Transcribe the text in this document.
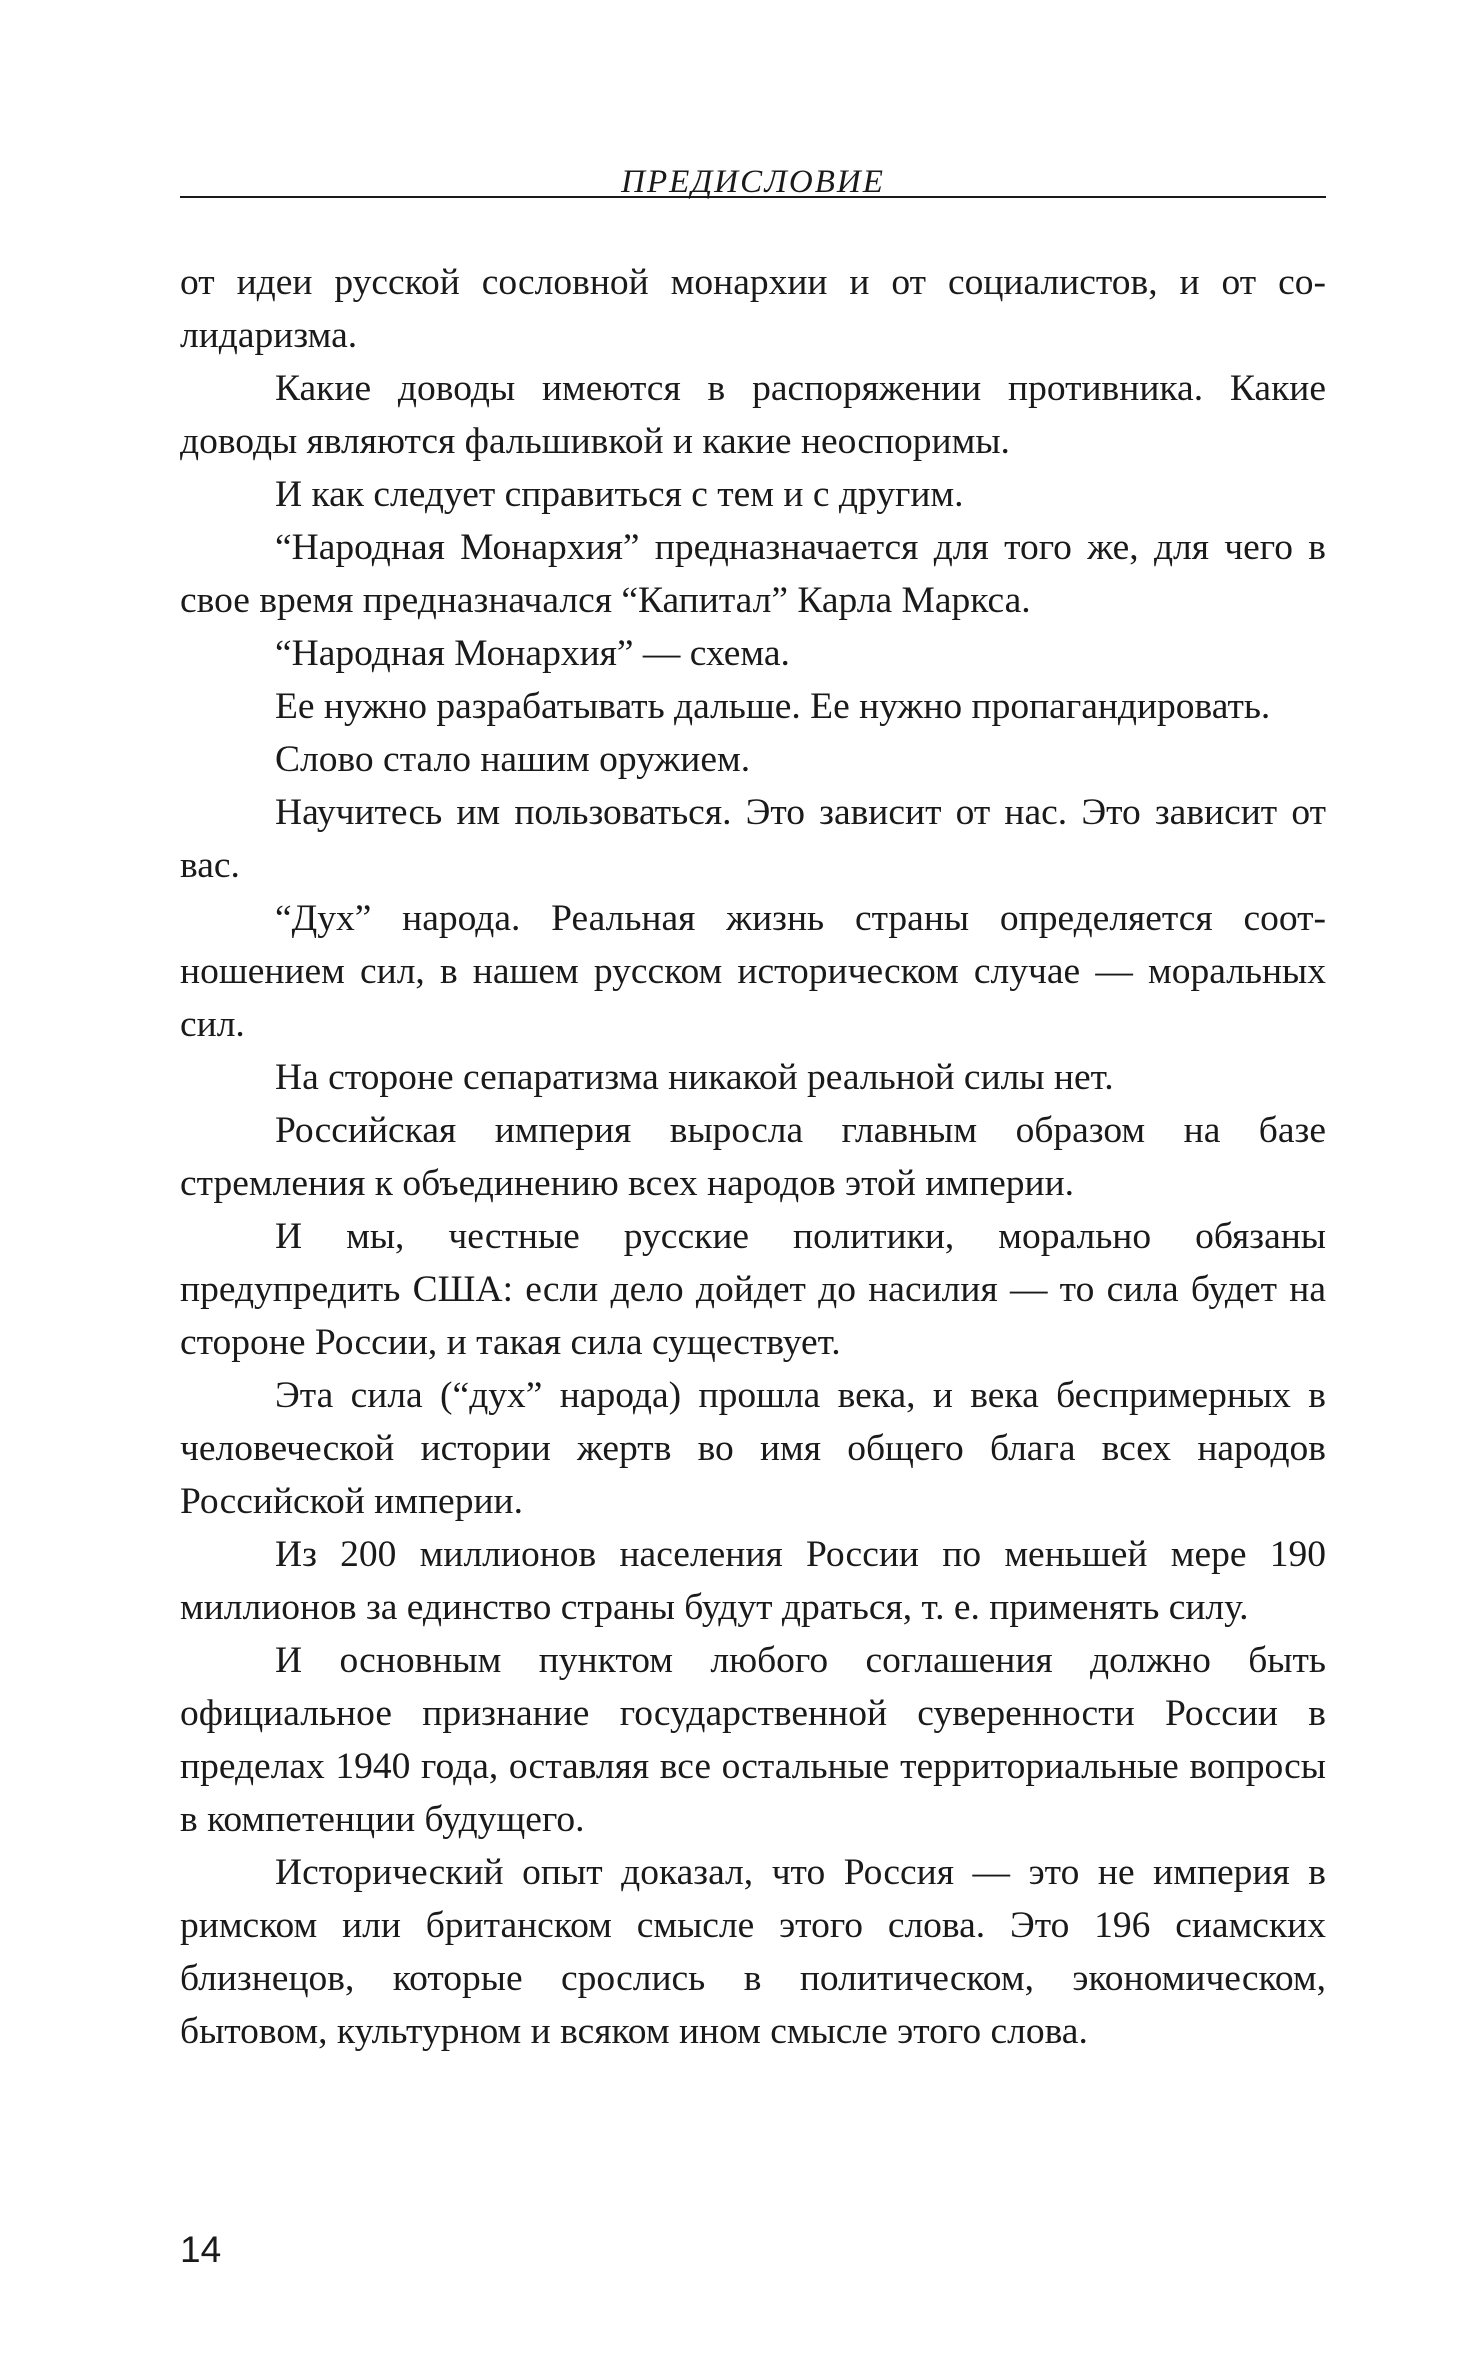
ПРЕДИСЛОВИЕ

от идеи русской сословной монархии и от социалистов, и от солидаризма.

Какие доводы имеются в распоряжении противника. Какие доводы являются фальшивкой и какие неоспоримы.

И как следует справиться с тем и с другим.

“Народная Монархия” предназначается для того же, для чего в свое время предназначался “Капитал” Карла Маркса.

“Народная Монархия” — схема.

Ее нужно разрабатывать дальше. Ее нужно пропагандировать.

Слово стало нашим оружием.

Научитесь им пользоваться. Это зависит от нас. Это зависит от вас.

“Дух” народа. Реальная жизнь страны определяется соотношением сил, в нашем русском историческом случае — моральных сил.

На стороне сепаратизма никакой реальной силы нет.

Российская империя выросла главным образом на базе стремления к объединению всех народов этой империи.

И мы, честные русские политики, морально обязаны предупредить США: если дело дойдет до насилия — то сила будет на стороне России, и такая сила существует.

Эта сила (“дух” народа) прошла века, и века беспримерных в человеческой истории жертв во имя общего блага всех народов Российской империи.

Из 200 миллионов населения России по меньшей мере 190 миллионов за единство страны будут драться, т. е. применять силу.

И основным пунктом любого соглашения должно быть официальное признание государственной суверенности России в пределах 1940 года, оставляя все остальные территориальные вопросы в компетенции будущего.

Исторический опыт доказал, что Россия — это не империя в римском или британском смысле этого слова. Это 196 сиамских близнецов, которые срослись в политическом, экономическом, бытовом, культурном и всяком ином смысле этого слова.

14
